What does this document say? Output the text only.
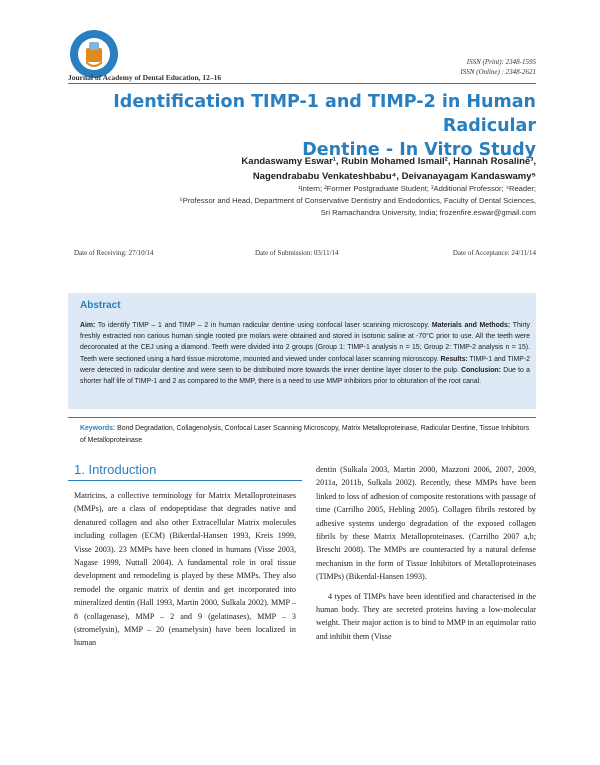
Journal of Academy of Dental Education, 12–16
ISSN (Print): 2348-1595
ISSN (Online) : 2348-2621
Identification TIMP-1 and TIMP-2 in Human Radicular
Dentine - In Vitro Study
Kandaswamy Eswar¹, Rubin Mohamed Ismail², Hannah Rosaline³,
Nagendrababu Venkateshbabu⁴, Deivanayagam Kandaswamy⁵
¹Intern; ²Former Postgraduate Student; ³Additional Professor; ⁴Reader;
⁵Professor and Head, Department of Conservative Dentistry and Endodontics, Faculty of Dental Sciences,
Sri Ramachandra University, India; frozenfire.eswar@gmail.com
Date of Receiving: 27/10/14	Date of Submission: 03/11/14	Date of Acceptance: 24/11/14
Abstract
Aim: To identify TIMP – 1 and TIMP – 2 in human radicular dentine using confocal laser scanning microscopy. Materials and Methods: Thirty freshly extracted non carious human single rooted pre molars were obtained and stored in isotonic saline at -70°C prior to use. All the teeth were decoronated at the CEJ using a diamond. Teeth were divided into 2 groups (Group 1: TIMP-1 analysis n = 15; Group 2: TIMP-2 analysis n = 15). Teeth were sectioned using a hard tissue microtome, mounted and viewed under confocal laser scanning microscopy. Results: TIMP-1 and TIMP-2 were detected in radicular dentine and were seen to be distributed more towards the inner dentine layer closer to the pulp. Conclusion: Due to a shorter half life of TIMP-1 and 2 as compared to the MMP, there is a need to use MMP inhibitors prior to obturation of the root canal.
Keywords: Bond Degradation, Collagenolysis, Confocal Laser Scanning Microscopy, Matrix Metalloproteinase, Radicular Dentine, Tissue Inhibitors of Metalloproteinase
1. Introduction

Matricins, a collective terminology for Matrix Metalloproteinases (MMPs), are a class of endopeptidase that degrades native and denatured collagen and also other Extracellular Matrix molecules including collagen (ECM) (Bikerdal-Hansen 1993, Kreis 1999, Visse 2003). 23 MMPs have been cloned in humans (Visse 2003, Nagase 1999, Nuttall 2004). A fundamental role in oral tissue development and remodeling is played by these MMPs. They also remodel the organic matrix of dentin and get incorporated into mineralized dentin (Hall 1993, Martin 2000, Sulkala 2002). MMP – 8 (collagenase), MMP – 2 and 9 (gelatinases), MMP – 3 (stromelysin), MMP – 20 (enamelysin) have been localized in human

dentin (Sulkala 2003, Martin 2000, Mazzoni 2006, 2007, 2009, 2011a, 2011b, Sulkala 2002). Recently, these MMPs have been linked to loss of adhesion of composite restorations with passage of time (Carrilho 2005, Hebling 2005). Collagen fibrils restored by adhesive systems undergo degradation of the exposed collagen fibrils by these Matrix Metalloproteinases. (Carrilho 2007 a,b; Breschi 2008). The MMPs are counteracted by a natural defense mechanism in the form of Tissue Inhibitors of Metalloproteinases (TIMPs) (Bikerdal-Hansen 1993).

4 types of TIMPs have been identified and characterised in the human body. They are secreted proteins having a low-molecular weight. Their major action is to bind to MMP in an equimolar ratio and inhibit them (Visse
